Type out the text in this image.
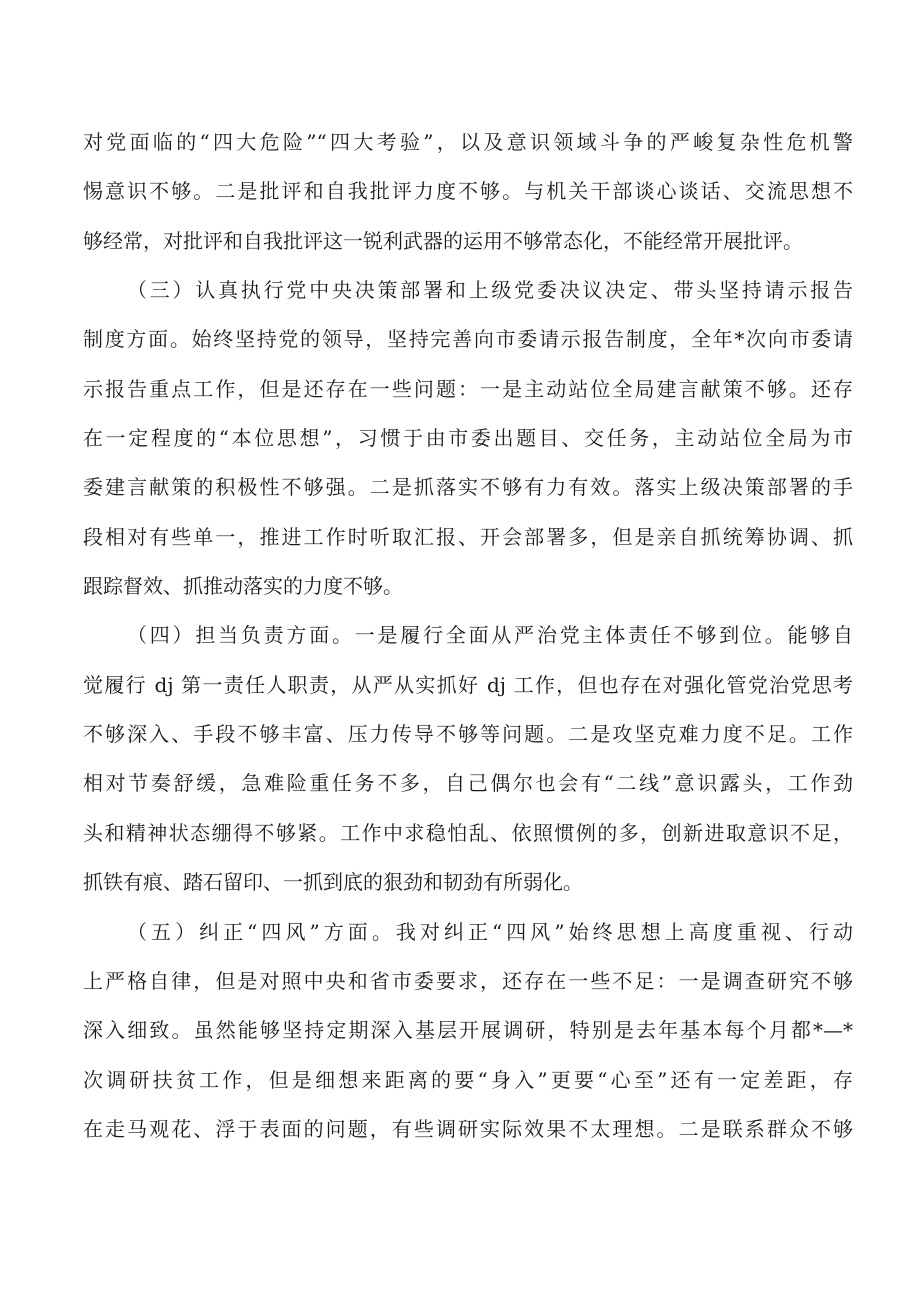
对党面临的“四大危险”“四大考验”，以及意识领域斗争的严峻复杂性危机警
惕意识不够。二是批评和自我批评力度不够。与机关干部谈心谈话、交流思想不
够经常，对批评和自我批评这一锐利武器的运用不够常态化，不能经常开展批评。
（三）认真执行党中央决策部署和上级党委决议决定、带头坚持请示报告
制度方面。始终坚持党的领导，坚持完善向市委请示报告制度，全年*次向市委请
示报告重点工作，但是还存在一些问题：一是主动站位全局建言献策不够。还存
在一定程度的“本位思想”，习惯于由市委出题目、交任务，主动站位全局为市
委建言献策的积极性不够强。二是抓落实不够有力有效。落实上级决策部署的手
段相对有些单一，推进工作时听取汇报、开会部署多，但是亲自抓统筹协调、抓
跟踪督效、抓推动落实的力度不够。
（四）担当负责方面。一是履行全面从严治党主体责任不够到位。能够自
觉履行 dj 第一责任人职责，从严从实抓好 dj 工作，但也存在对强化管党治党思考
不够深入、手段不够丰富、压力传导不够等问题。二是攻坚克难力度不足。工作
相对节奏舒缓，急难险重任务不多，自己偶尔也会有“二线”意识露头，工作劲
头和精神状态绷得不够紧。工作中求稳怕乱、依照惯例的多，创新进取意识不足，
抓铁有痕、踏石留印、一抓到底的狠劲和韧劲有所弱化。
（五）纠正“四风”方面。我对纠正“四风”始终思想上高度重视、行动
上严格自律，但是对照中央和省市委要求，还存在一些不足：一是调查研究不够
深入细致。虽然能够坚持定期深入基层开展调研，特别是去年基本每个月都*—*
次调研扶贫工作，但是细想来距离的要“身入”更要“心至”还有一定差距，存
在走马观花、浮于表面的问题，有些调研实际效果不太理想。二是联系群众不够
